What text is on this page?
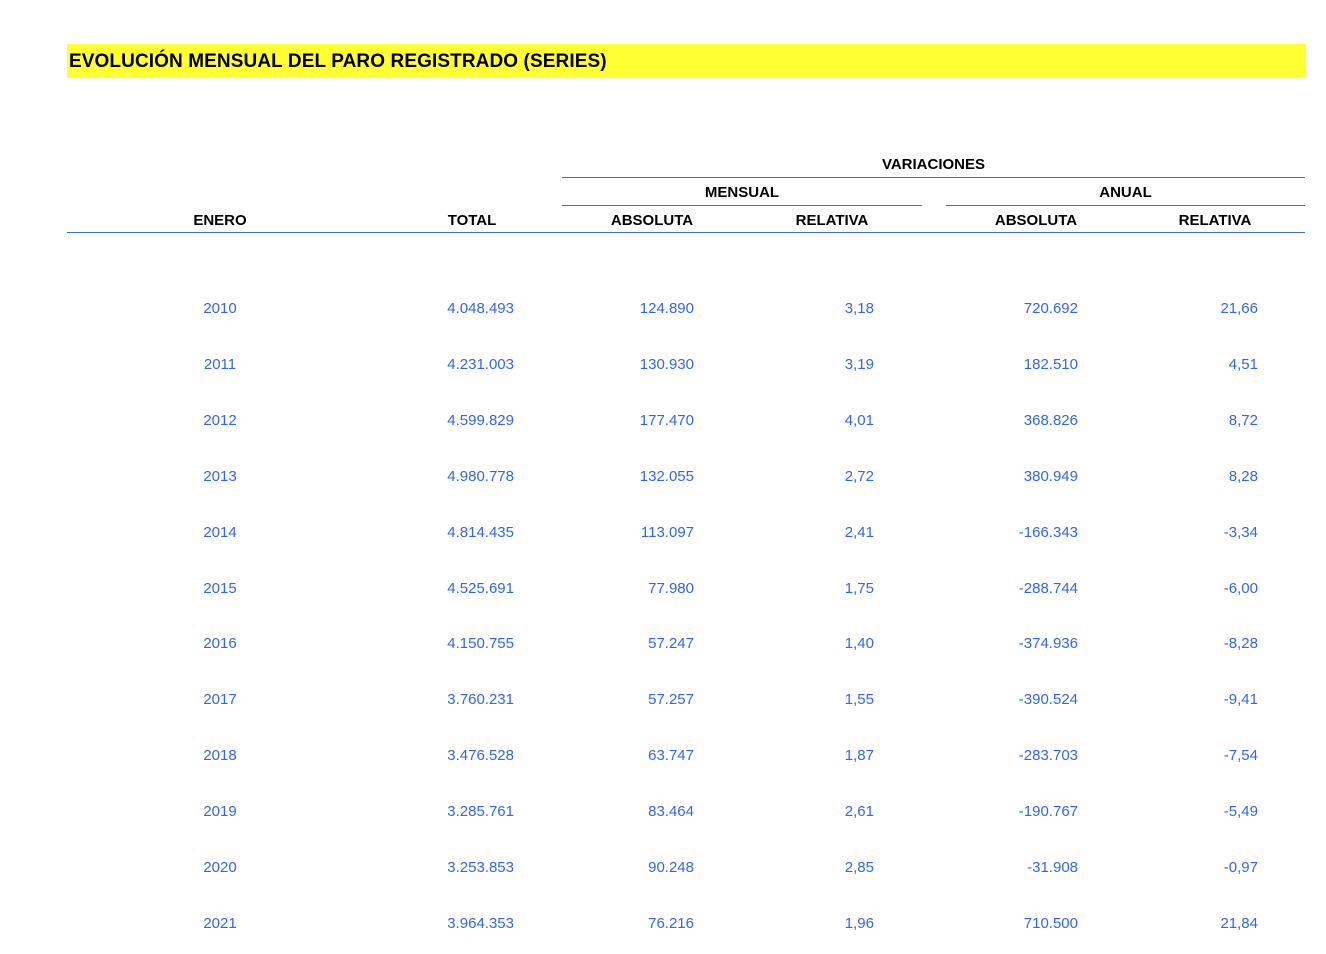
EVOLUCIÓN MENSUAL DEL PARO REGISTRADO (SERIES)
VARIACIONES
MENSUAL	ANUAL
ENERO	TOTAL	ABSOLUTA	RELATIVA	ABSOLUTA	RELATIVA
2010	4.048.493	124.890	3,18	720.692	21,66
2011	4.231.003	130.930	3,19	182.510	4,51
2012	4.599.829	177.470	4,01	368.826	8,72
2013	4.980.778	132.055	2,72	380.949	8,28
2014	4.814.435	113.097	2,41	-166.343	-3,34
2015	4.525.691	77.980	1,75	-288.744	-6,00
2016	4.150.755	57.247	1,40	-374.936	-8,28
2017	3.760.231	57.257	1,55	-390.524	-9,41
2018	3.476.528	63.747	1,87	-283.703	-7,54
2019	3.285.761	83.464	2,61	-190.767	-5,49
2020	3.253.853	90.248	2,85	-31.908	-0,97
2021	3.964.353	76.216	1,96	710.500	21,84
